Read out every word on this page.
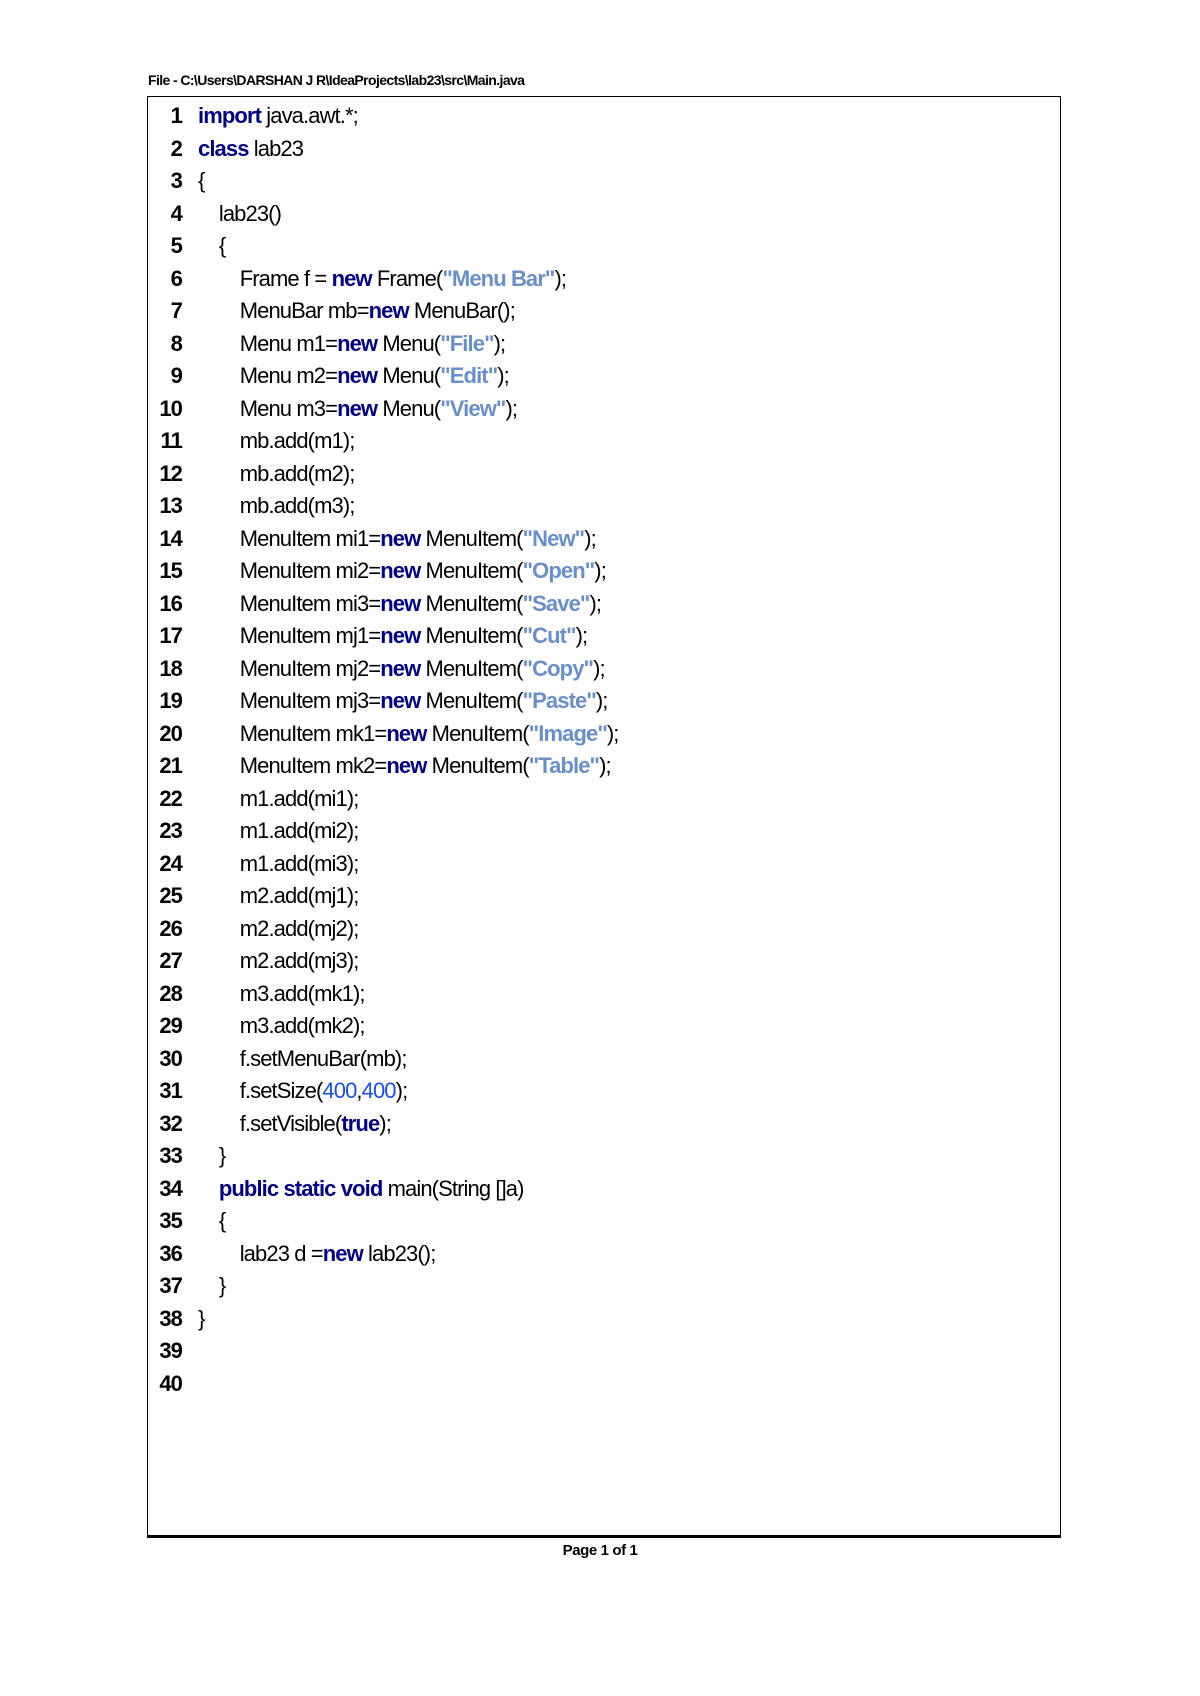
File - C:\Users\DARSHAN J R\IdeaProjects\lab23\src\Main.java
1 import java.awt.*;
2 class lab23
3 {
4 lab23()
5 {
6 Frame f = new Frame("Menu Bar");
7 MenuBar mb=new MenuBar();
8 Menu m1=new Menu("File");
9 Menu m2=new Menu("Edit");
10 Menu m3=new Menu("View");
11 mb.add(m1);
12 mb.add(m2);
13 mb.add(m3);
14 MenuItem mi1=new MenuItem("New");
15 MenuItem mi2=new MenuItem("Open");
16 MenuItem mi3=new MenuItem("Save");
17 MenuItem mj1=new MenuItem("Cut");
18 MenuItem mj2=new MenuItem("Copy");
19 MenuItem mj3=new MenuItem("Paste");
20 MenuItem mk1=new MenuItem("Image");
21 MenuItem mk2=new MenuItem("Table");
22 m1.add(mi1);
23 m1.add(mi2);
24 m1.add(mi3);
25 m2.add(mj1);
26 m2.add(mj2);
27 m2.add(mj3);
28 m3.add(mk1);
29 m3.add(mk2);
30 f.setMenuBar(mb);
31 f.setSize(400,400);
32 f.setVisible(true);
33 }
34	public static void main(String []a)
35 {
36 lab23 d =new lab23();
37 }
38 }
39
40
Page 1 of 1
